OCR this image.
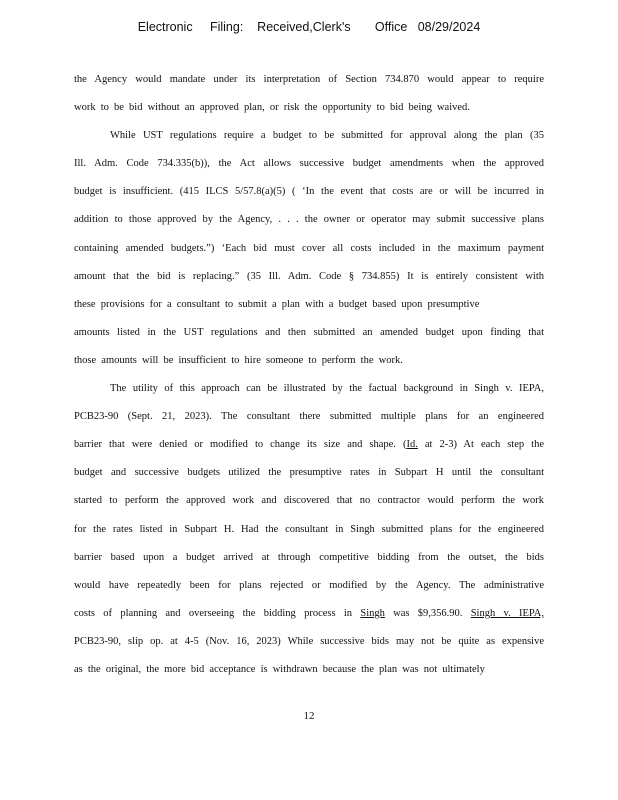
Electronic     Filing:    Received,Clerk's       Office   08/29/2024
the Agency would mandate under its interpretation of Section 734.870 would appear to require
work to be bid without an approved plan, or risk the opportunity to bid being waived.
While UST regulations require a budget to be submitted for approval along the plan (35
Ill. Adm. Code 734.335(b)), the Act allows successive budget amendments when the approved
budget is insufficient. (415 ILCS 5/57.8(a)(5) ( ‘In the event that costs are or will be incurred in
addition to those approved by the Agency, . . . the owner or operator may submit successive plans
containing amended budgets.”) ‘Each bid must cover all costs included in the maximum payment
amount that the bid is replacing.” (35 Ill. Adm. Code § 734.855) It is entirely consistent with
these provisions for a consultant to submit a plan with a budget based upon presumptive
amounts listed in the UST regulations and then submitted an amended budget upon finding that
those amounts will be insufficient to hire someone to perform the work.
The utility of this approach can be illustrated by the factual background in Singh v. IEPA,
PCB23-90 (Sept. 21, 2023). The consultant there submitted multiple plans for an engineered
barrier that were denied or modified to change its size and shape. (Id. at 2-3) At each step the
budget and successive budgets utilized the presumptive rates in Subpart H until the consultant
started to perform the approved work and discovered that no contractor would perform the work
for the rates listed in Subpart H. Had the consultant in Singh submitted plans for the engineered
barrier based upon a budget arrived at through competitive bidding from the outset, the bids
would have repeatedly been for plans rejected or modified by the Agency. The administrative
costs of planning and overseeing the bidding process in Singh was $9,356.90. Singh v. IEPA,
PCB23-90, slip op. at 4-5 (Nov. 16, 2023) While successive bids may not be quite as expensive
as the original, the more bid acceptance is withdrawn because the plan was not ultimately
12
